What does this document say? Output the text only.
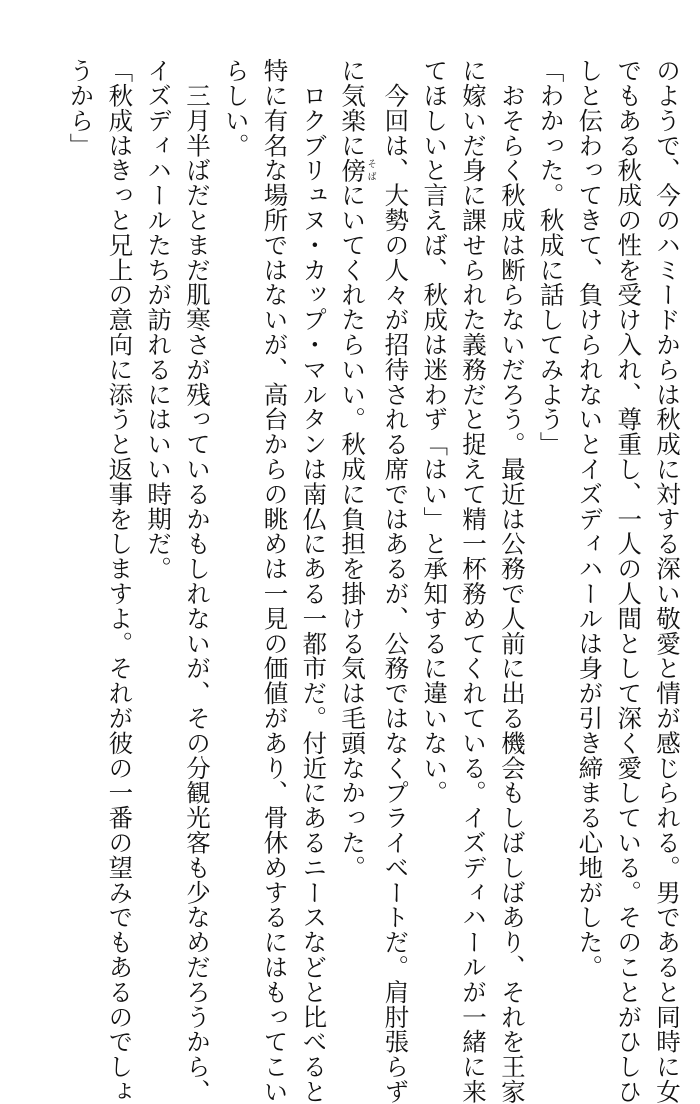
のようで、今のハミードからは秋成に対する深い敬愛と情が感じられる。男であると同時に女
でもある秋成の性を受け入れ、尊重し、一人の人間として深く愛している。そのことがひしひ
しと伝わってきて、負けられないとイズディハールは身が引き締まる心地がした。
「わかった。秋成に話してみよう」
　おそらく秋成は断らないだろう。最近は公務で人前に出る機会もしばしばあり、それを王家
に嫁いだ身に課せられた義務だと捉えて精一杯務めてくれている。イズディハールが一緒に来
てほしいと言えば、秋成は迷わず「はい」と承知するに違いない。
　今回は、大勢の人々が招待される席ではあるが、公務ではなくプライベートだ。肩肘張らず
に気楽に傍そばにいてくれたらいい。秋成に負担を掛ける気は毛頭なかった。
　ロクブリュヌ・カップ・マルタンは南仏にある一都市だ。付近にあるニースなどと比べると
特に有名な場所ではないが、高台からの眺めは一見の価値があり、骨休めするにはもってこい
らしい。
　三月半ばだとまだ肌寒さが残っているかもしれないが、その分観光客も少なめだろうから、
イズディハールたちが訪れるにはいい時期だ。
「秋成はきっと兄上の意向に添うと返事をしますよ。それが彼の一番の望みでもあるのでしょ
うから」
